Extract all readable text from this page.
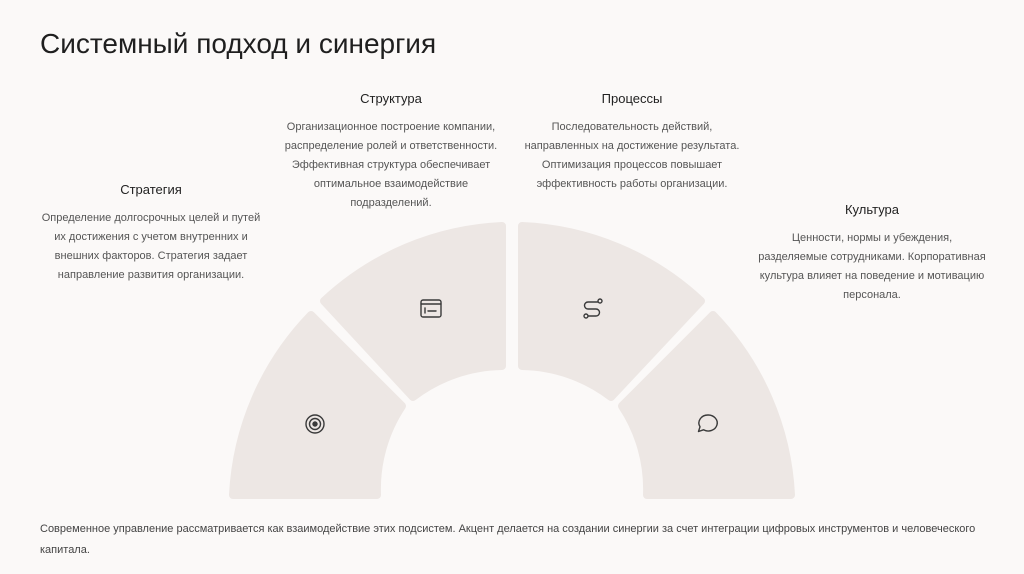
Системный подход и синергия
Стратегия
Определение долгосрочных целей и путей их достижения с учетом внутренних и внешних факторов. Стратегия задает направление развития организации.
Структура
Организационное построение компании, распределение ролей и ответственности. Эффективная структура обеспечивает оптимальное взаимодействие подразделений.
Процессы
Последовательность действий, направленных на достижение результата. Оптимизация процессов повышает эффективность работы организации.
Культура
Ценности, нормы и убеждения, разделяемые сотрудниками. Корпоративная культура влияет на поведение и мотивацию персонала.
Современное управление рассматривается как взаимодействие этих подсистем. Акцент делается на создании синергии за счет интеграции цифровых инструментов и человеческого капитала.
